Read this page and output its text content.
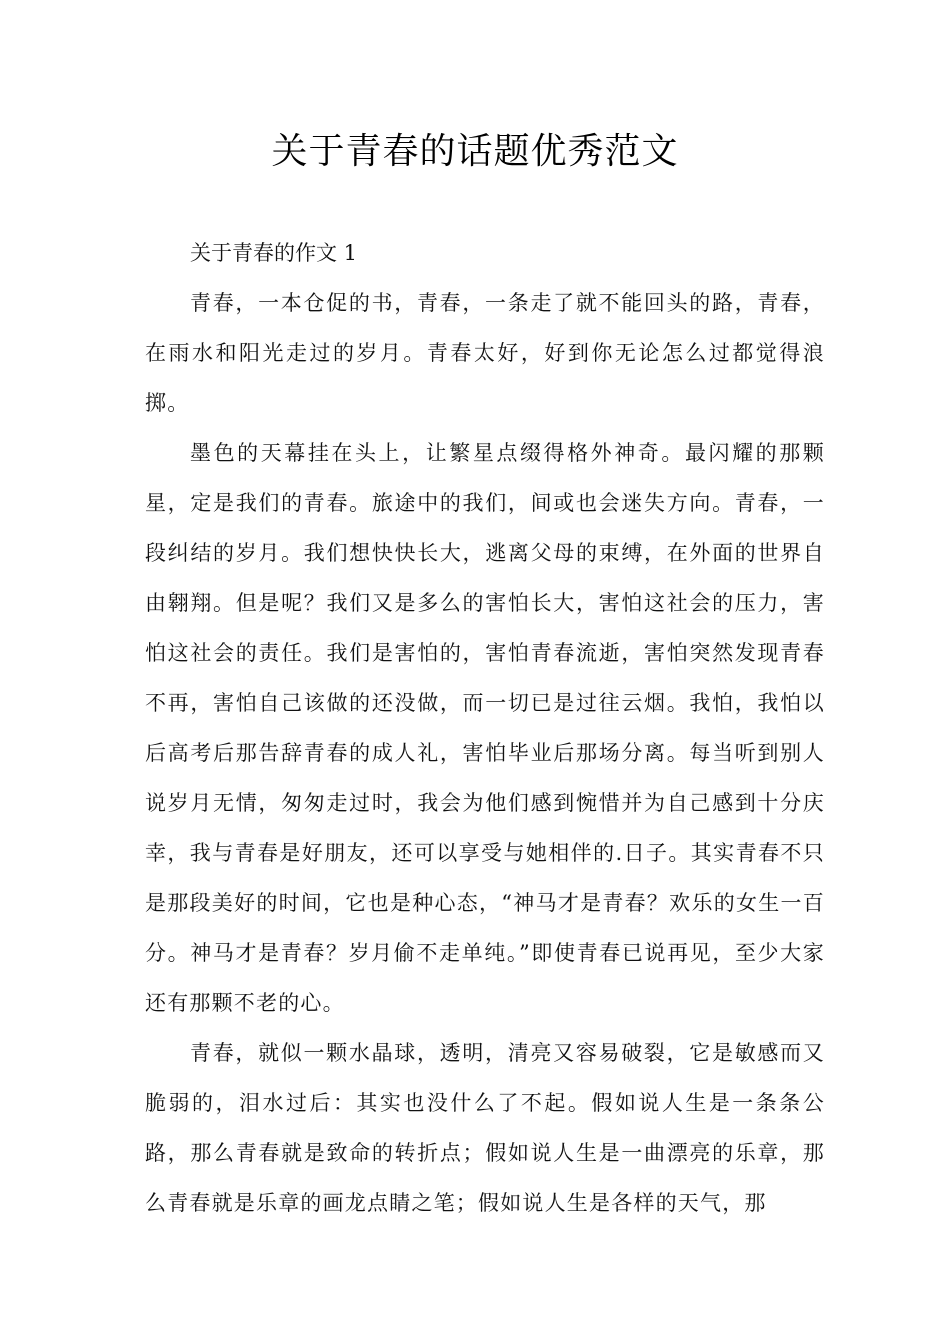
关于青春的话题优秀范文

关于青春的作文 1

青春，一本仓促的书，青春，一条走了就不能回头的路，青春，在雨水和阳光走过的岁月。青春太好，好到你无论怎么过都觉得浪掷。

墨色的天幕挂在头上，让繁星点缀得格外神奇。最闪耀的那颗星，定是我们的青春。旅途中的我们，间或也会迷失方向。青春，一段纠结的岁月。我们想快快长大，逃离父母的束缚，在外面的世界自由翱翔。但是呢？我们又是多么的害怕长大，害怕这社会的压力，害怕这社会的责任。我们是害怕的，害怕青春流逝，害怕突然发现青春不再，害怕自己该做的还没做，而一切已是过往云烟。我怕，我怕以后高考后那告辞青春的成人礼，害怕毕业后那场分离。每当听到别人说岁月无情，匆匆走过时，我会为他们感到惋惜并为自己感到十分庆幸，我与青春是好朋友，还可以享受与她相伴的.日子。其实青春不只是那段美好的时间，它也是种心态，“神马才是青春？欢乐的女生一百分。神马才是青春？岁月偷不走单纯。”即使青春已说再见，至少大家还有那颗不老的心。

青春，就似一颗水晶球，透明，清亮又容易破裂，它是敏感而又脆弱的，泪水过后：其实也没什么了不起。假如说人生是一条条公路，那么青春就是致命的转折点；假如说人生是一曲漂亮的乐章，那么青春就是乐章的画龙点睛之笔；假如说人生是各样的天气，那
